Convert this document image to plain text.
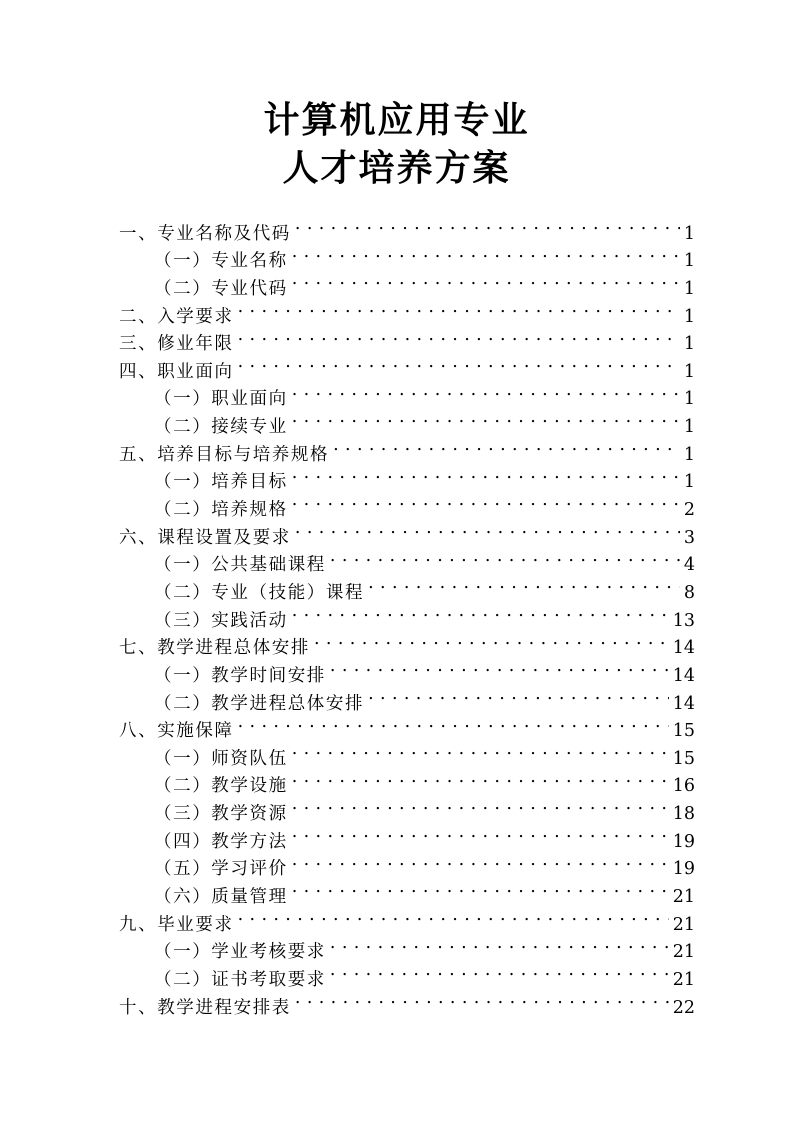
计算机应用专业
人才培养方案
一、专业名称及代码 . . .	1
（一）专业名称 . . .	1
（二）专业代码 . . .	1
二、入学要求 . . .	1
三、修业年限 . . .	1
四、职业面向 . . .	1
（一）职业面向 . . .	1
（二）接续专业 . . .	1
五、培养目标与培养规格 . . .	1
（一）培养目标 . . .	1
（二）培养规格 . . .	2
六、课程设置及要求 . . .	3
（一）公共基础课程 . . .	4
（二）专业（技能）课程 . . .	8
（三）实践活动 . . .	13
七、教学进程总体安排 . . .	14
（一）教学时间安排 . . .	14
（二）教学进程总体安排 . . .	14
八、实施保障 . . .	15
（一）师资队伍 . . .	15
（二）教学设施 . . .	16
（三）教学资源 . . .	18
（四）教学方法 . . .	19
（五）学习评价 . . .	19
（六）质量管理 . . .	21
九、毕业要求 . . .	21
（一）学业考核要求 . . .	21
（二）证书考取要求 . . .	21
十、教学进程安排表 . . .	22
